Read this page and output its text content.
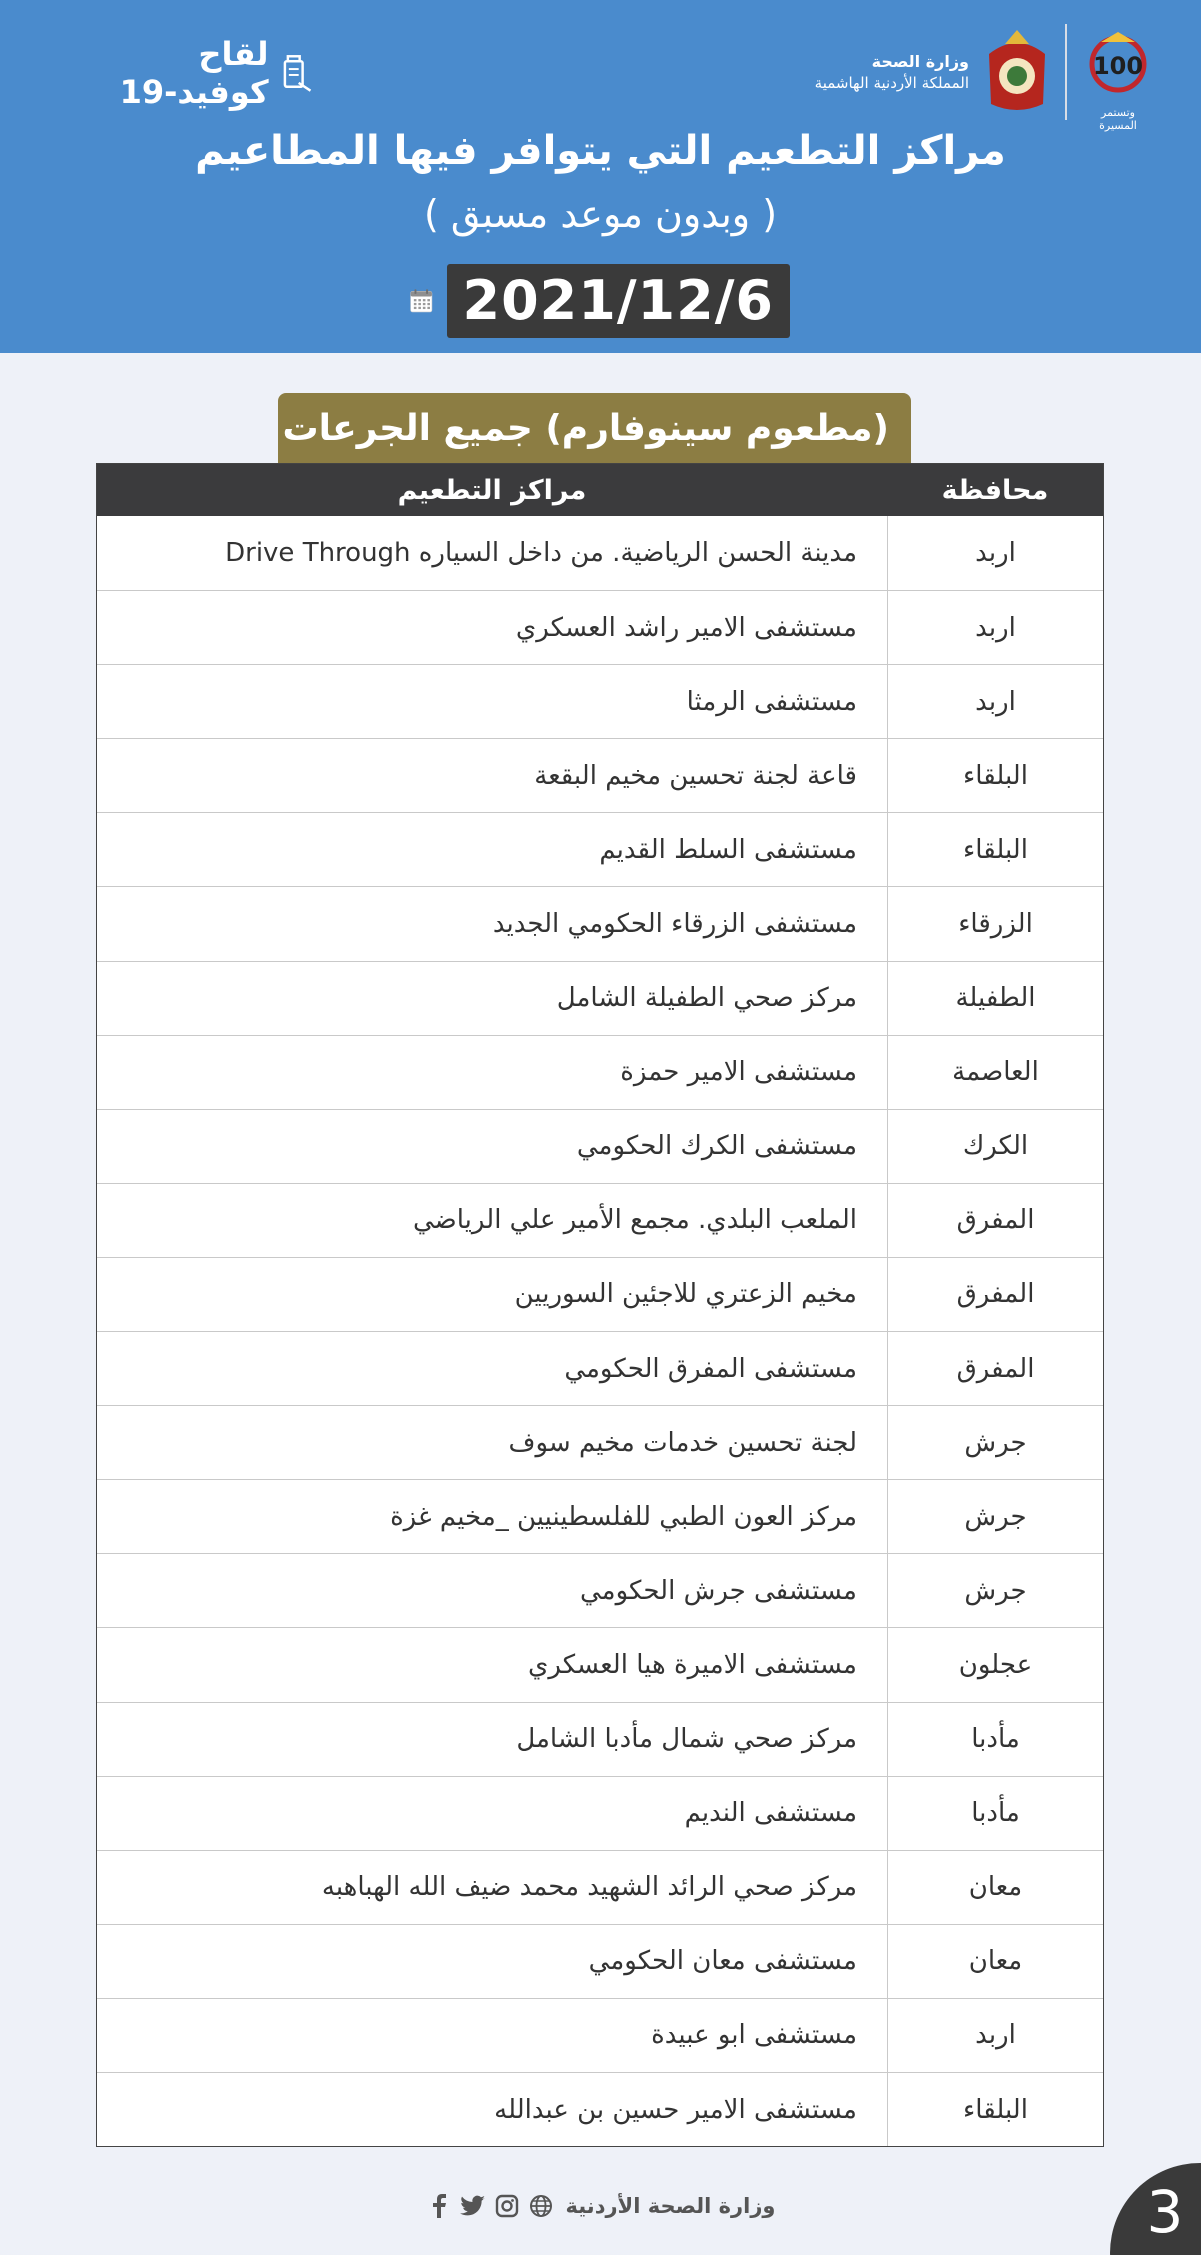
لقاح كوفيد-19
100
وتستمر المسيرة
وزارة الصحة
المملكة الأردنية الهاشمية
مراكز التطعيم التي يتوافر فيها المطاعيم
( وبدون موعد مسبق )
2021/12/6
(مطعوم سينوفارم) جميع الجرعات
محافظة
مراكز التطعيم
اربد
مدينة الحسن الرياضية. من داخل السياره Drive Through
اربد
مستشفى الامير راشد العسكري
اربد
مستشفى الرمثا
البلقاء
قاعة لجنة تحسين مخيم البقعة
البلقاء
مستشفى السلط القديم
الزرقاء
مستشفى الزرقاء الحكومي الجديد
الطفيلة
مركز صحي الطفيلة الشامل
العاصمة
مستشفى الامير حمزة
الكرك
مستشفى الكرك الحكومي
المفرق
الملعب البلدي. مجمع الأمير علي الرياضي
المفرق
مخيم الزعتري للاجئين السوريين
المفرق
مستشفى المفرق الحكومي
جرش
لجنة تحسين خدمات مخيم سوف
جرش
مركز العون الطبي للفلسطينيين _مخيم غزة
جرش
مستشفى جرش الحكومي
عجلون
مستشفى الاميرة هيا العسكري
مأدبا
مركز صحي شمال مأدبا الشامل
مأدبا
مستشفى النديم
معان
مركز صحي الرائد الشهيد محمد ضيف الله الهباهبه
معان
مستشفى معان الحكومي
اربد
مستشفى ابو عبيدة
البلقاء
مستشفى الامير حسين بن عبدالله
وزارة الصحة الأردنية	3
